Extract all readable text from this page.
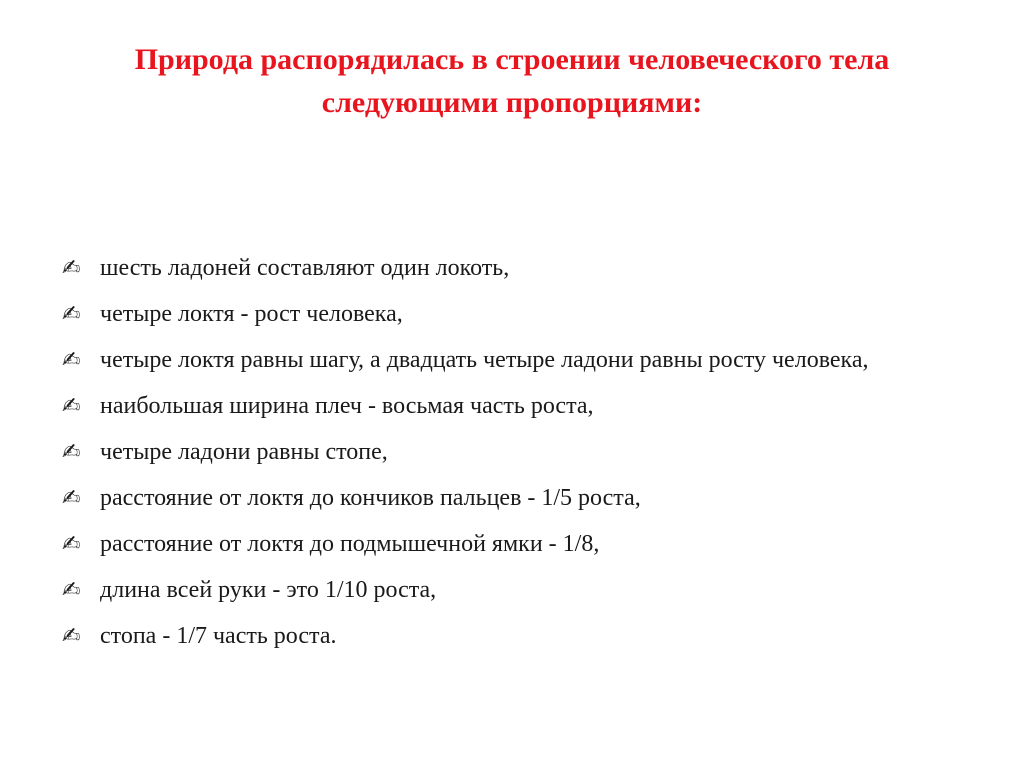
Природа распорядилась в строении человеческого тела
следующими пропорциями:
✍ шесть ладоней составляют один локоть,
✍ четыре локтя - рост человека,
✍ четыре локтя равны шагу, а двадцать четыре ладони равны росту человека,
✍ наибольшая ширина плеч - восьмая часть роста,
✍ четыре ладони равны стопе,
✍ расстояние от локтя до кончиков пальцев - 1/5 роста,
✍ расстояние от локтя до подмышечной ямки - 1/8,
✍ длина всей руки - это 1/10 роста,
✍ стопа - 1/7 часть роста.
